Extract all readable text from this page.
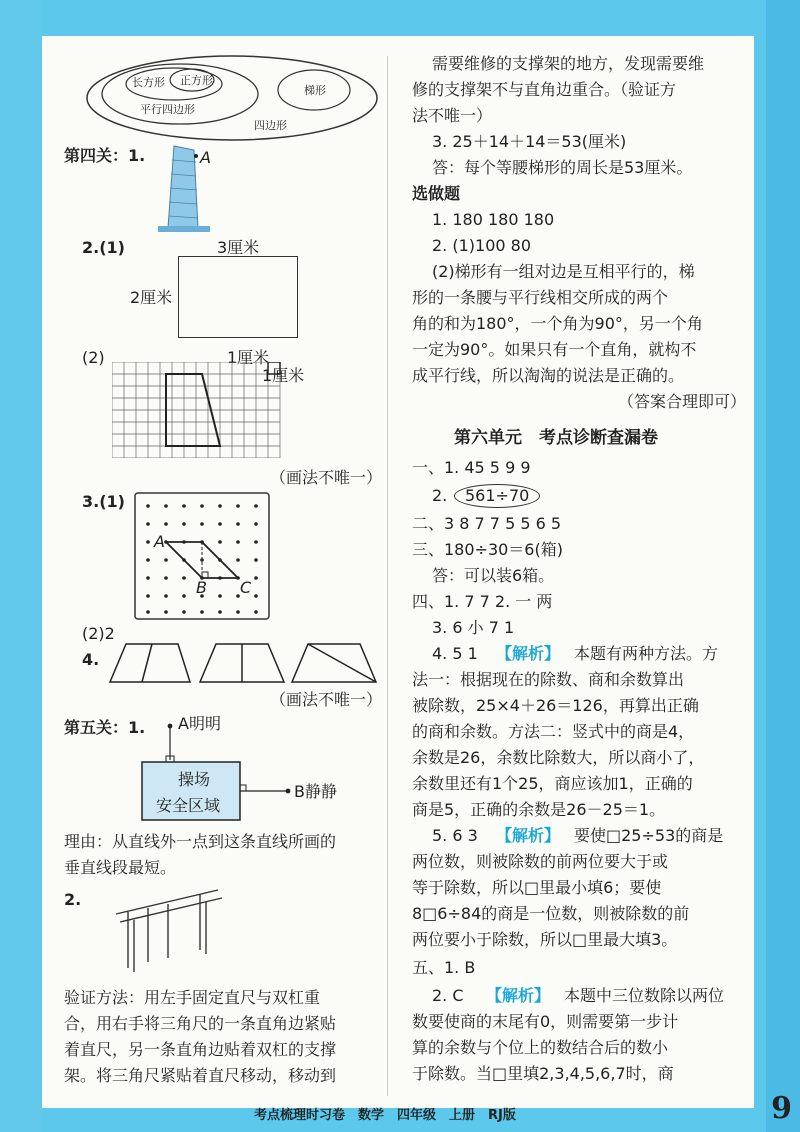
长方形 正方形
平行四边形
梯形
四边形
第四关：1.	A
2.(1)	3厘米
2厘米
(2)	1厘米
1厘米
（画法不唯一）
3.(1)
A
B C
(2)2
4.
（画法不唯一）
第五关：1. A明明
B静静
操场
安全区域
理由：从直线外一点到这条直线所画的
垂直线段最短。
2.
验证方法：用左手固定直尺与双杠重
合，用右手将三角尺的一条直角边紧贴
着直尺，另一条直角边贴着双杠的支撑
架。将三角尺紧贴着直尺移动，移动到
需要维修的支撑架的地方，发现需要维
修的支撑架不与直角边重合。（验证方
法不唯一）
3. 25＋14＋14＝53(厘米)
答：每个等腰梯形的周长是53厘米。
选做题
1. 180 180 180
2. (1)100 80
(2)梯形有一组对边是互相平行的，梯
形的一条腰与平行线相交所成的两个
角的和为180°，一个角为90°，另一个角
一定为90°。如果只有一个直角，就构不
成平行线，所以淘淘的说法是正确的。
（答案合理即可）
第六单元　考点诊断查漏卷
一、1. 45 5 9 9
2.	561÷70
二、3 8 7 7 5 5 6 5
三、180÷30＝6(箱)
答：可以装6箱。
四、1. 7 7 2. 一 两
3. 6 小 7 1
4. 5 1 【解析】 本题有两种方法。方
法一：根据现在的除数、商和余数算出
被除数，25×4＋26＝126，再算出正确
的商和余数。方法二：竖式中的商是4，
余数是26，余数比除数大，所以商小了，
余数里还有1个25，商应该加1，正确的
商是5，正确的余数是26－25＝1。
5. 6 3 【解析】 要使□25÷53的商是
两位数，则被除数的前两位要大于或
等于除数，所以□里最小填6；要使
8□6÷84的商是一位数，则被除数的前
两位要小于除数，所以□里最大填3。
五、1. B
2. C 【解析】 本题中三位数除以两位
数要使商的末尾有0，则需要第一步计
算的余数与个位上的数结合后的数小
于除数。当□里填2,3,4,5,6,7时，商
考点梳理时习卷　数学　四年级　上册　RJ版	9
